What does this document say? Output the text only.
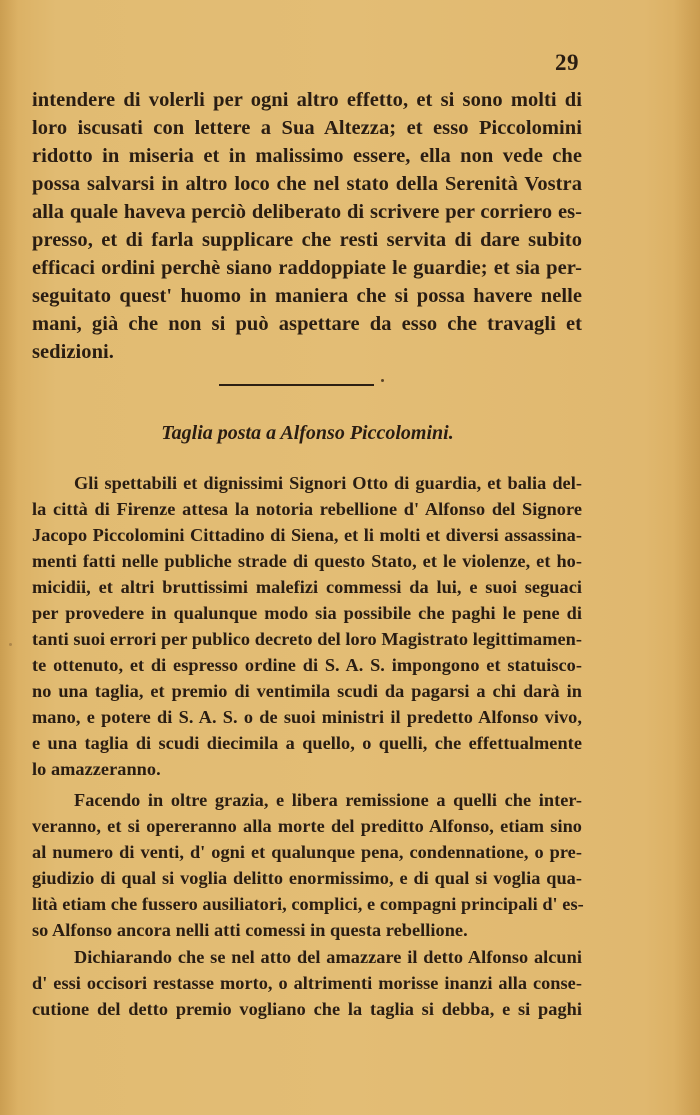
29
intendere di volerli per ogni altro effetto, et si sono molti di
loro iscusati con lettere a Sua Altezza; et esso Piccolomini
ridotto in miseria et in malissimo essere, ella non vede che
possa salvarsi in altro loco che nel stato della Serenità Vostra
alla quale haveva perciò deliberato di scrivere per corriero es-
presso, et di farla supplicare che resti servita di dare subito
efficaci ordini perchè siano raddoppiate le guardie; et sia per-
seguitato quest' huomo in maniera che si possa havere nelle
mani, già che non si può aspettare da esso che travagli et
sedizioni.
Taglia posta a Alfonso Piccolomini.
Gli spettabili et dignissimi Signori Otto di guardia, et balia del-
la città di Firenze attesa la notoria rebellione d' Alfonso del Signore
Jacopo Piccolomini Cittadino di Siena, et li molti et diversi assassina-
menti fatti nelle publiche strade di questo Stato, et le violenze, et ho-
micidii, et altri bruttissimi malefizi commessi da lui, e suoi seguaci
per provedere in qualunque modo sia possibile che paghi le pene di
tanti suoi errori per publico decreto del loro Magistrato legittimamen-
te ottenuto, et di espresso ordine di S. A. S. impongono et statuisco-
no una taglia, et premio di ventimila scudi da pagarsi a chi darà in
mano, e potere di S. A. S. o de suoi ministri il predetto Alfonso vivo,
e una taglia di scudi diecimila a quello, o quelli, che effettualmente
lo amazzeranno.
Facendo in oltre grazia, e libera remissione a quelli che inter-
veranno, et si opereranno alla morte del preditto Alfonso, etiam sino
al numero di venti, d' ogni et qualunque pena, condennatione, o pre-
giudizio di qual si voglia delitto enormissimo, e di qual si voglia qua-
lità etiam che fussero ausiliatori, complici, e compagni principali d' es-
so Alfonso ancora nelli atti comessi in questa rebellione.
Dichiarando che se nel atto del amazzare il detto Alfonso alcuni
d' essi occisori restasse morto, o altrimenti morisse inanzi alla conse-
cutione del detto premio vogliano che la taglia si debba, e si paghi
